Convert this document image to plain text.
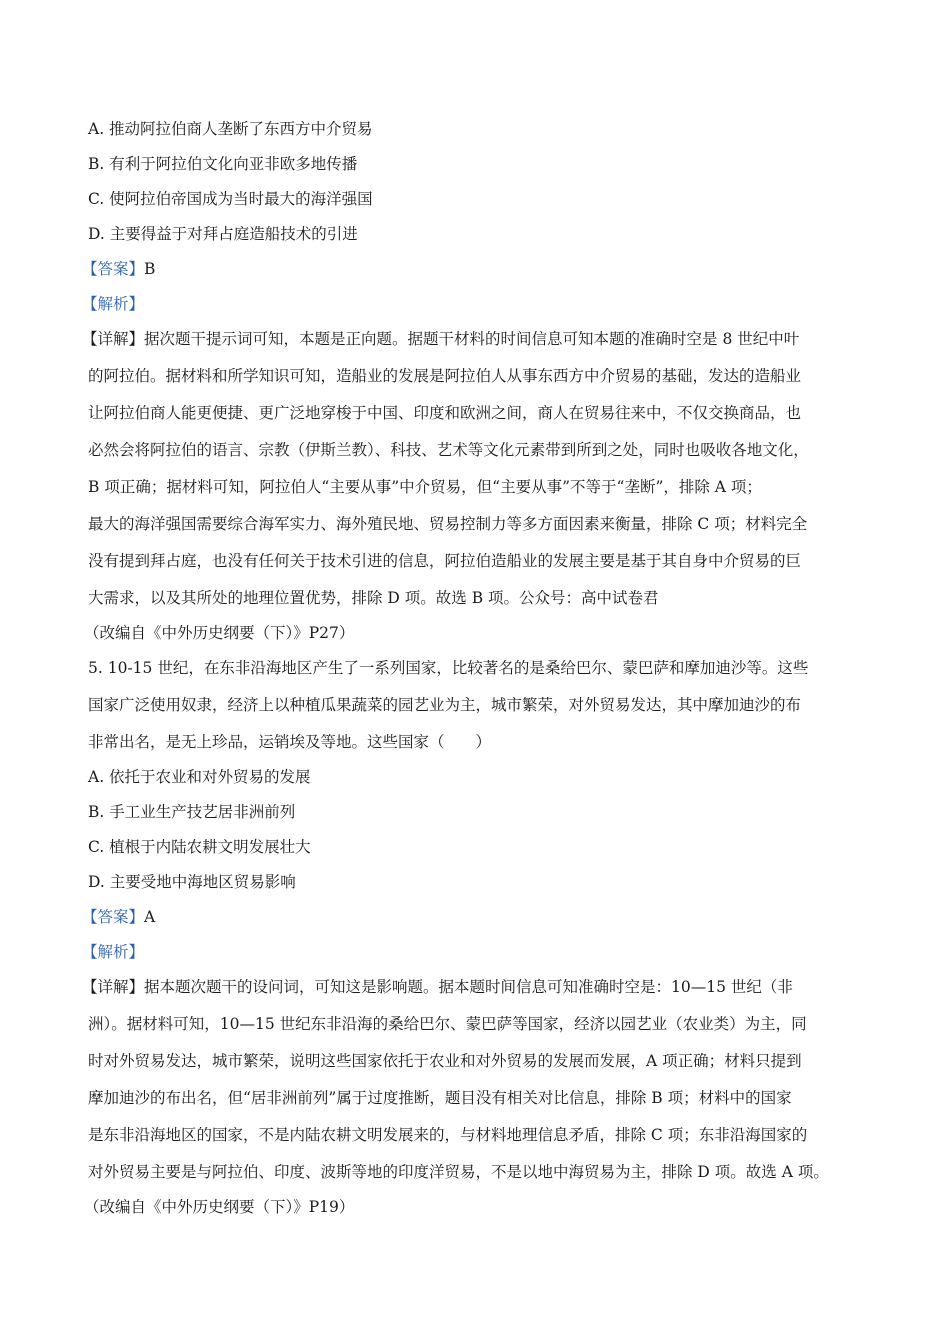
A. 推动阿拉伯商人垄断了东西方中介贸易
B. 有利于阿拉伯文化向亚非欧多地传播
C. 使阿拉伯帝国成为当时最大的海洋强国
D. 主要得益于对拜占庭造船技术的引进
【答案】B
【解析】
【详解】据次题干提示词可知，本题是正向题。据题干材料的时间信息可知本题的准确时空是 8 世纪中叶
的阿拉伯。据材料和所学知识可知，造船业的发展是阿拉伯人从事东西方中介贸易的基础，发达的造船业
让阿拉伯商人能更便捷、更广泛地穿梭于中国、印度和欧洲之间，商人在贸易往来中，不仅交换商品，也
必然会将阿拉伯的语言、宗教（伊斯兰教）、科技、艺术等文化元素带到所到之处，同时也吸收各地文化，
B 项正确；据材料可知，阿拉伯人“主要从事”中介贸易，但“主要从事”不等于“垄断”，排除 A 项；
最大的海洋强国需要综合海军实力、海外殖民地、贸易控制力等多方面因素来衡量，排除 C 项；材料完全
没有提到拜占庭，也没有任何关于技术引进的信息，阿拉伯造船业的发展主要是基于其自身中介贸易的巨
大需求，以及其所处的地理位置优势，排除 D 项。故选 B 项。公众号：高中试卷君
（改编自《中外历史纲要（下）》P27）
5. 10-15 世纪，在东非沿海地区产生了一系列国家，比较著名的是桑给巴尔、蒙巴萨和摩加迪沙等。这些
国家广泛使用奴隶，经济上以种植瓜果蔬菜的园艺业为主，城市繁荣，对外贸易发达，其中摩加迪沙的布
非常出名，是无上珍品，运销埃及等地。这些国家（　　）
A. 依托于农业和对外贸易的发展
B. 手工业生产技艺居非洲前列
C. 植根于内陆农耕文明发展壮大
D. 主要受地中海地区贸易影响
【答案】A
【解析】
【详解】据本题次题干的设问词，可知这是影响题。据本题时间信息可知准确时空是：10—15 世纪（非
洲）。据材料可知，10—15 世纪东非沿海的桑给巴尔、蒙巴萨等国家，经济以园艺业（农业类）为主，同
时对外贸易发达，城市繁荣，说明这些国家依托于农业和对外贸易的发展而发展，A 项正确；材料只提到
摩加迪沙的布出名，但“居非洲前列”属于过度推断，题目没有相关对比信息，排除 B 项；材料中的国家
是东非沿海地区的国家，不是内陆农耕文明发展来的，与材料地理信息矛盾，排除 C 项；东非沿海国家的
对外贸易主要是与阿拉伯、印度、波斯等地的印度洋贸易，不是以地中海贸易为主，排除 D 项。故选 A 项。
（改编自《中外历史纲要（下）》P19）
